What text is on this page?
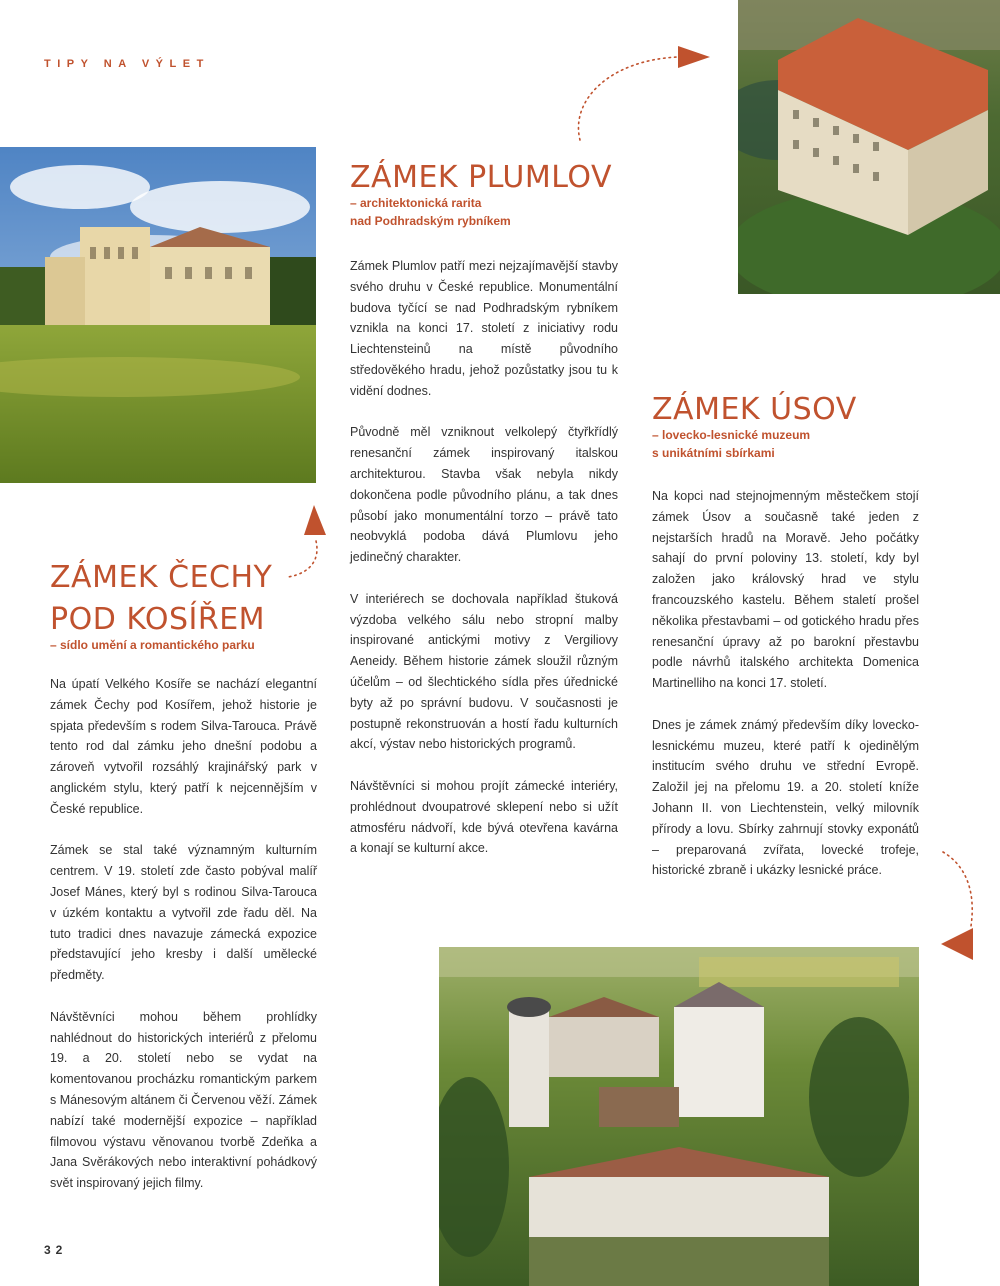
TIPY NA VÝLET
ZÁMEK PLUMLOV
– architektonická rarita
nad Podhradským rybníkem

Zámek Plumlov patří mezi nejzajímavější stavby svého druhu v České republice. Monumentální budova tyčící se nad Podhradským rybníkem vznikla na konci 17. století z iniciativy rodu Liechtensteinů na místě původního středověkého hradu, jehož pozůstatky jsou tu k vidění dodnes.

Původně měl vzniknout velkolepý čtyřkřídlý renesanční zámek inspirovaný italskou architekturou. Stavba však nebyla nikdy dokončena podle původního plánu, a tak dnes působí jako monumentální torzo – právě tato neobvyklá podoba dává Plumlovu jeho jedinečný charakter.

V interiérech se dochovala například štuková výzdoba velkého sálu nebo stropní malby inspirované antickými motivy z Vergiliovy Aeneidy. Během historie zámek sloužil různým účelům – od šlechtického sídla přes úřednické byty až po správní budovu. V současnosti je postupně rekonstruován a hostí řadu kulturních akcí, výstav nebo historických programů.

Návštěvníci si mohou projít zámecké interiéry, prohlédnout dvoupatrové sklepení nebo si užít atmosféru nádvoří, kde bývá otevřena kavárna a konají se kulturní akce.

ZÁMEK ÚSOV
– lovecko-lesnické muzeum
s unikátními sbírkami

Na kopci nad stejnojmenným městečkem stojí zámek Úsov a současně také jeden z nejstarších hradů na Moravě. Jeho počátky sahají do první poloviny 13. století, kdy byl založen jako královský hrad ve stylu francouzského kastelu. Během staletí prošel několika přestavbami – od gotického hradu přes renesanční úpravy až po barokní přestavbu podle návrhů italského architekta Domenica Martinelliho na konci 17. století.

Dnes je zámek známý především díky lovecko-lesnickému muzeu, které patří k ojedinělým institucím svého druhu ve střední Evropě. Založil jej na přelomu 19. a 20. století kníže Johann II. von Liechtenstein, velký milovník přírody a lovu. Sbírky zahrnují stovky exponátů – preparovaná zvířata, lovecké trofeje, historické zbraně i ukázky lesnické práce.

ZÁMEK ČECHY
POD KOSÍŘEM
– sídlo umění a romantického parku

Na úpatí Velkého Kosíře se nachází elegantní zámek Čechy pod Kosířem, jehož historie je spjata především s rodem Silva-Tarouca. Právě tento rod dal zámku jeho dnešní podobu a zároveň vytvořil rozsáhlý krajinářský park v anglickém stylu, který patří k nejcennějším v České republice.

Zámek se stal také významným kulturním centrem. V 19. století zde často pobýval malíř Josef Mánes, který byl s rodinou Silva-Tarouca v úzkém kontaktu a vytvořil zde řadu děl. Na tuto tradici dnes navazuje zámecká expozice představující jeho kresby i další umělecké předměty.

Návštěvníci mohou během prohlídky nahlédnout do historických interiérů z přelomu 19. a 20. století nebo se vydat na komentovanou procházku romantickým parkem s Mánesovým altánem či Červenou věží. Zámek nabízí také modernější expozice – například filmovou výstavu věnovanou tvorbě Zdeňka a Jana Svěrákových nebo interaktivní pohádkový svět inspirovaný jejich filmy.

32
